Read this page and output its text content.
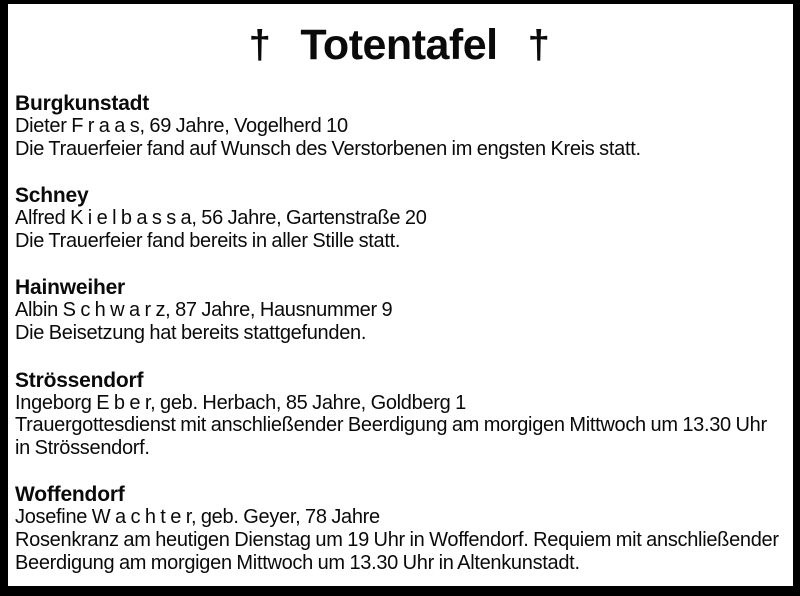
† Totentafel †
Burgkunstadt

Dieter F r a a s, 69 Jahre, Vogelherd 10

Die Trauerfeier fand auf Wunsch des Verstorbenen im engsten Kreis statt.

Schney

Alfred K i e l b a s s a, 56 Jahre, Gartenstraße 20

Die Trauerfeier fand bereits in aller Stille statt.

Hainweiher

Albin S c h w a r z, 87 Jahre, Hausnummer 9

Die Beisetzung hat bereits stattgefunden.

Strössendorf

Ingeborg E b e r, geb. Herbach, 85 Jahre, Goldberg 1

Trauergottesdienst mit anschließender Beerdigung am morgigen Mittwoch um 13.30 Uhr in Strössendorf.

Woffendorf

Josefine W a c h t e r, geb. Geyer, 78 Jahre

Rosenkranz am heutigen Dienstag um 19 Uhr in Woffendorf. Requiem mit anschließender Beerdigung am morgigen Mittwoch um 13.30 Uhr in Altenkunstadt.
